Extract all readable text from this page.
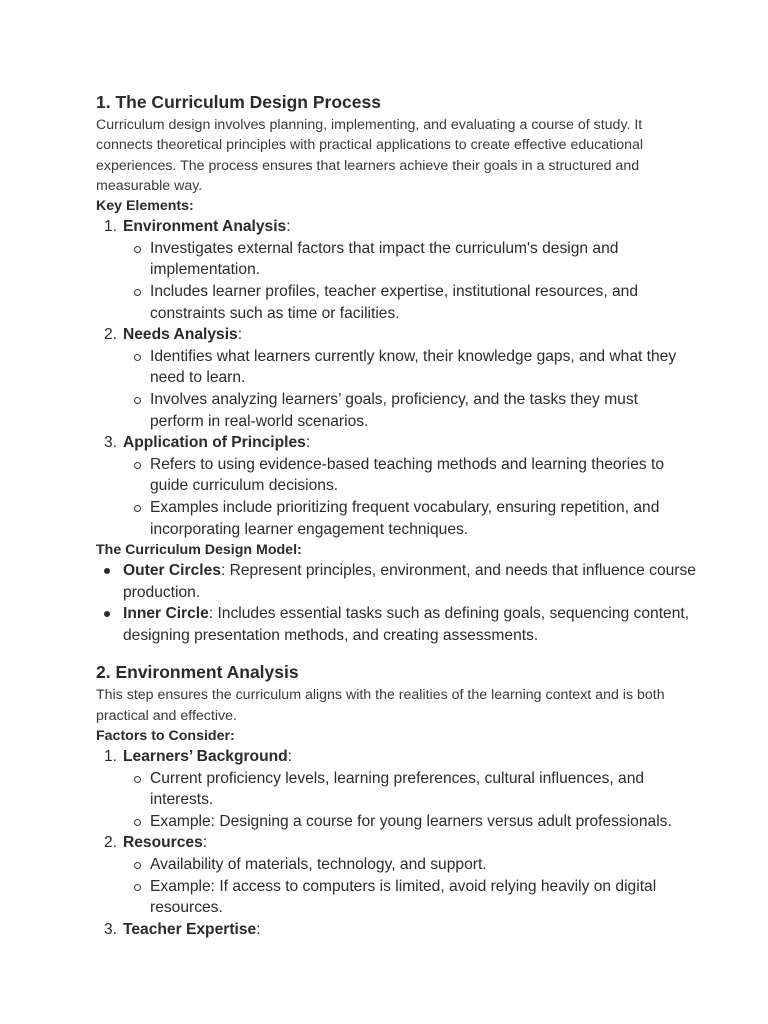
1. The Curriculum Design Process

Curriculum design involves planning, implementing, and evaluating a course of study. It connects theoretical principles with practical applications to create effective educational experiences. The process ensures that learners achieve their goals in a structured and measurable way.

Key Elements:

1. Environment Analysis:
Investigates external factors that impact the curriculum's design and implementation.
Includes learner profiles, teacher expertise, institutional resources, and constraints such as time or facilities.
2. Needs Analysis:
Identifies what learners currently know, their knowledge gaps, and what they need to learn.
Involves analyzing learners’ goals, proficiency, and the tasks they must perform in real-world scenarios.
3. Application of Principles:
Refers to using evidence-based teaching methods and learning theories to guide curriculum decisions.
Examples include prioritizing frequent vocabulary, ensuring repetition, and incorporating learner engagement techniques.

The Curriculum Design Model:

Outer Circles: Represent principles, environment, and needs that influence course production.
Inner Circle: Includes essential tasks such as defining goals, sequencing content, designing presentation methods, and creating assessments.
2. Environment Analysis

This step ensures the curriculum aligns with the realities of the learning context and is both practical and effective.

Factors to Consider:

1. Learners’ Background:
Current proficiency levels, learning preferences, cultural influences, and interests.
Example: Designing a course for young learners versus adult professionals.
2. Resources:
Availability of materials, technology, and support.
Example: If access to computers is limited, avoid relying heavily on digital resources.
3. Teacher Expertise:
